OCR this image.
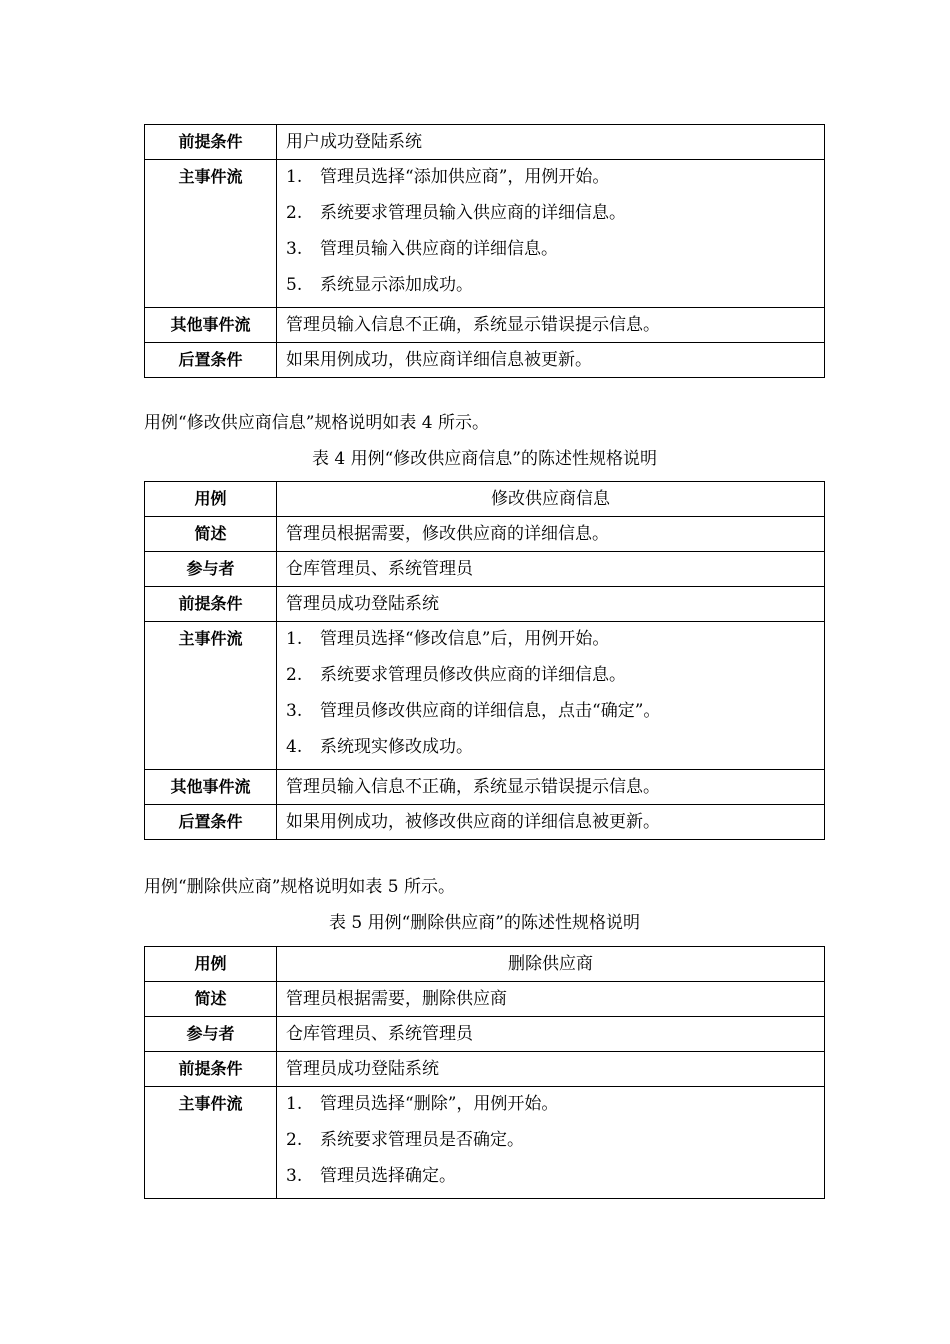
前提条件	用户成功登陆系统
主事件流	1. 管理员选择“添加供应商”，用例开始。
2. 系统要求管理员输入供应商的详细信息。
3. 管理员输入供应商的详细信息。
5. 系统显示添加成功。

其他事件流	管理员输入信息不正确，系统显示错误提示信息。
后置条件	如果用例成功，供应商详细信息被更新。
用例“修改供应商信息”规格说明如表 4 所示。
表 4 用例“修改供应商信息”的陈述性规格说明
用例	修改供应商信息
简述	管理员根据需要，修改供应商的详细信息。
参与者	仓库管理员、系统管理员
前提条件	管理员成功登陆系统
主事件流	1. 管理员选择“修改信息”后，用例开始。
2. 系统要求管理员修改供应商的详细信息。
3. 管理员修改供应商的详细信息，点击“确定”。
4. 系统现实修改成功。

其他事件流	管理员输入信息不正确，系统显示错误提示信息。
后置条件	如果用例成功，被修改供应商的详细信息被更新。
用例“删除供应商”规格说明如表 5 所示。
表 5 用例“删除供应商”的陈述性规格说明
用例	删除供应商
简述	管理员根据需要，删除供应商
参与者	仓库管理员、系统管理员
前提条件	管理员成功登陆系统
主事件流	1. 管理员选择“删除”，用例开始。
2. 系统要求管理员是否确定。
3. 管理员选择确定。
